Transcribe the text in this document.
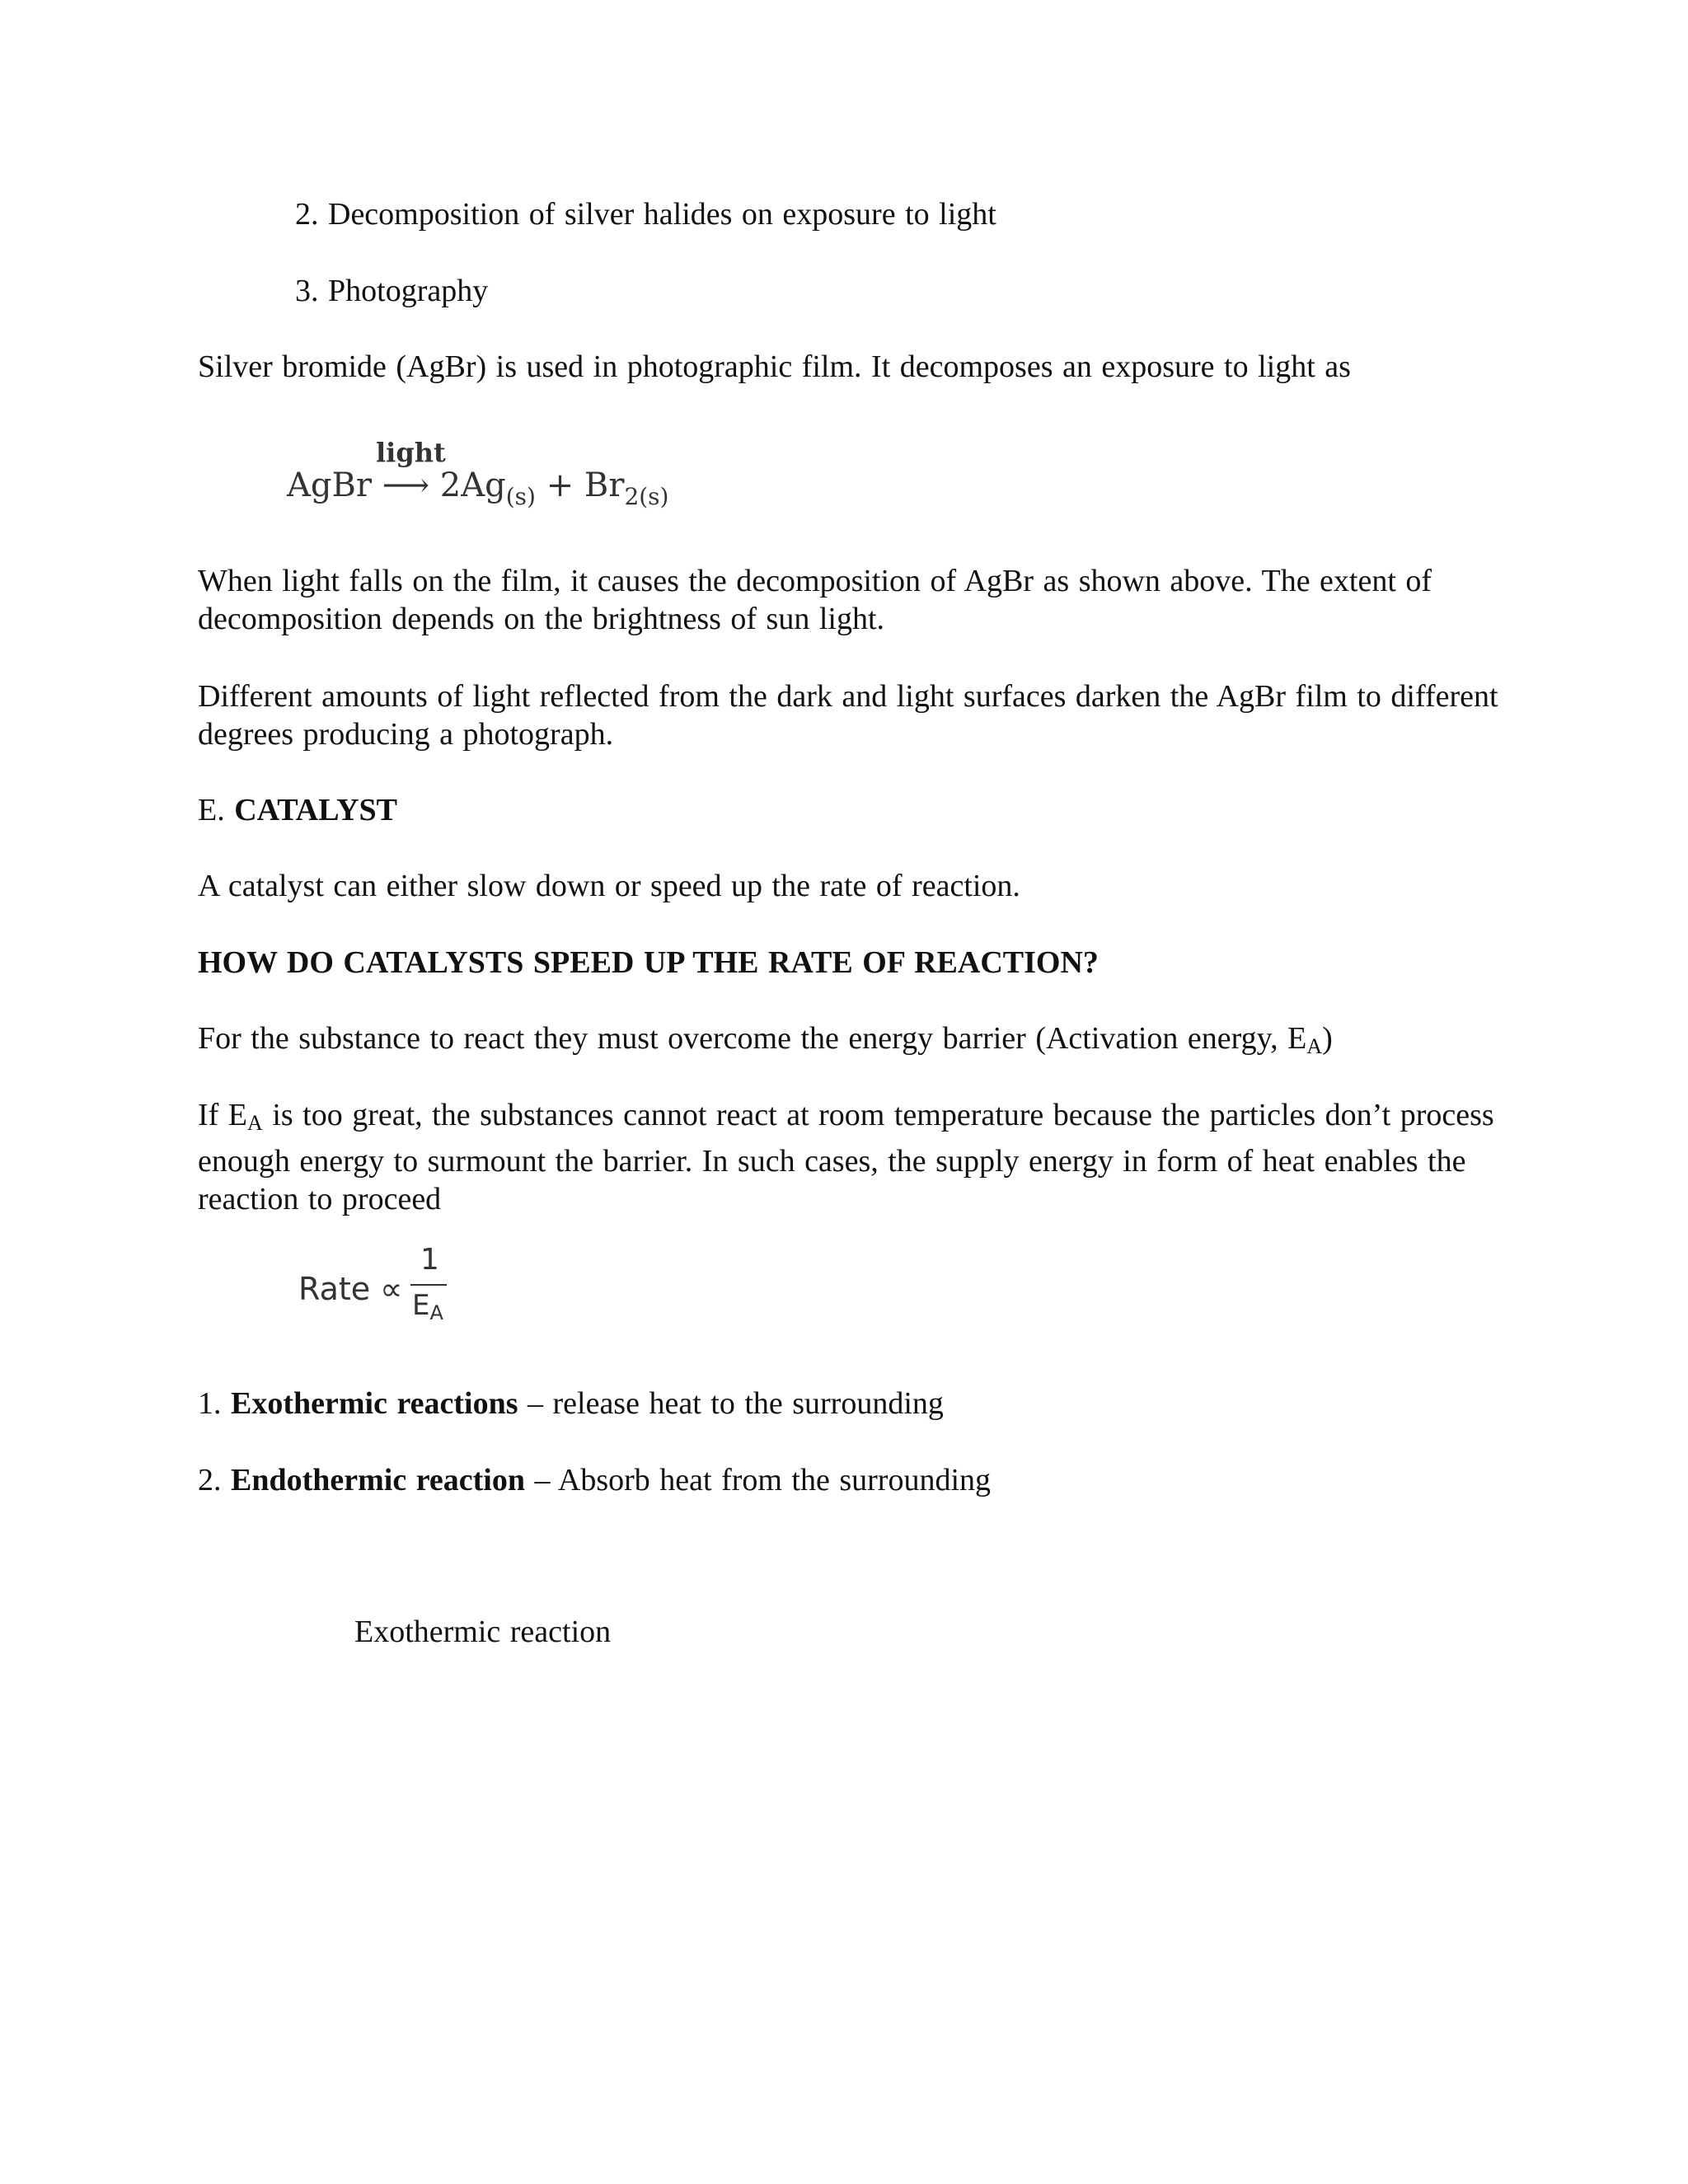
2. Decomposition of silver halides on exposure to light
3. Photography
Silver bromide (AgBr) is used in photographic film. It decomposes an exposure to light as
light
AgBr ⟶ $2Ag_{(s)} + Br_{2(s)}$
When light falls on the film, it causes the decomposition of AgBr as shown above. The extent of decomposition depends on the brightness of sun light.
Different amounts of light reflected from the dark and light surfaces darken the AgBr film to different degrees producing a photograph.
E. CATALYST
A catalyst can either slow down or speed up the rate of reaction.
HOW DO CATALYSTS SPEED UP THE RATE OF REACTION?
For the substance to react they must overcome the energy barrier (Activation energy, $E_A$)
If $E_A$ is too great, the substances cannot react at room temperature because the particles don’t process enough energy to surmount the barrier. In such cases, the supply energy in form of heat enables the reaction to proceed
Rate ∝
1
EA
1. Exothermic reactions – release heat to the surrounding
2. Endothermic reaction – Absorb heat from the surrounding
Exothermic reaction
